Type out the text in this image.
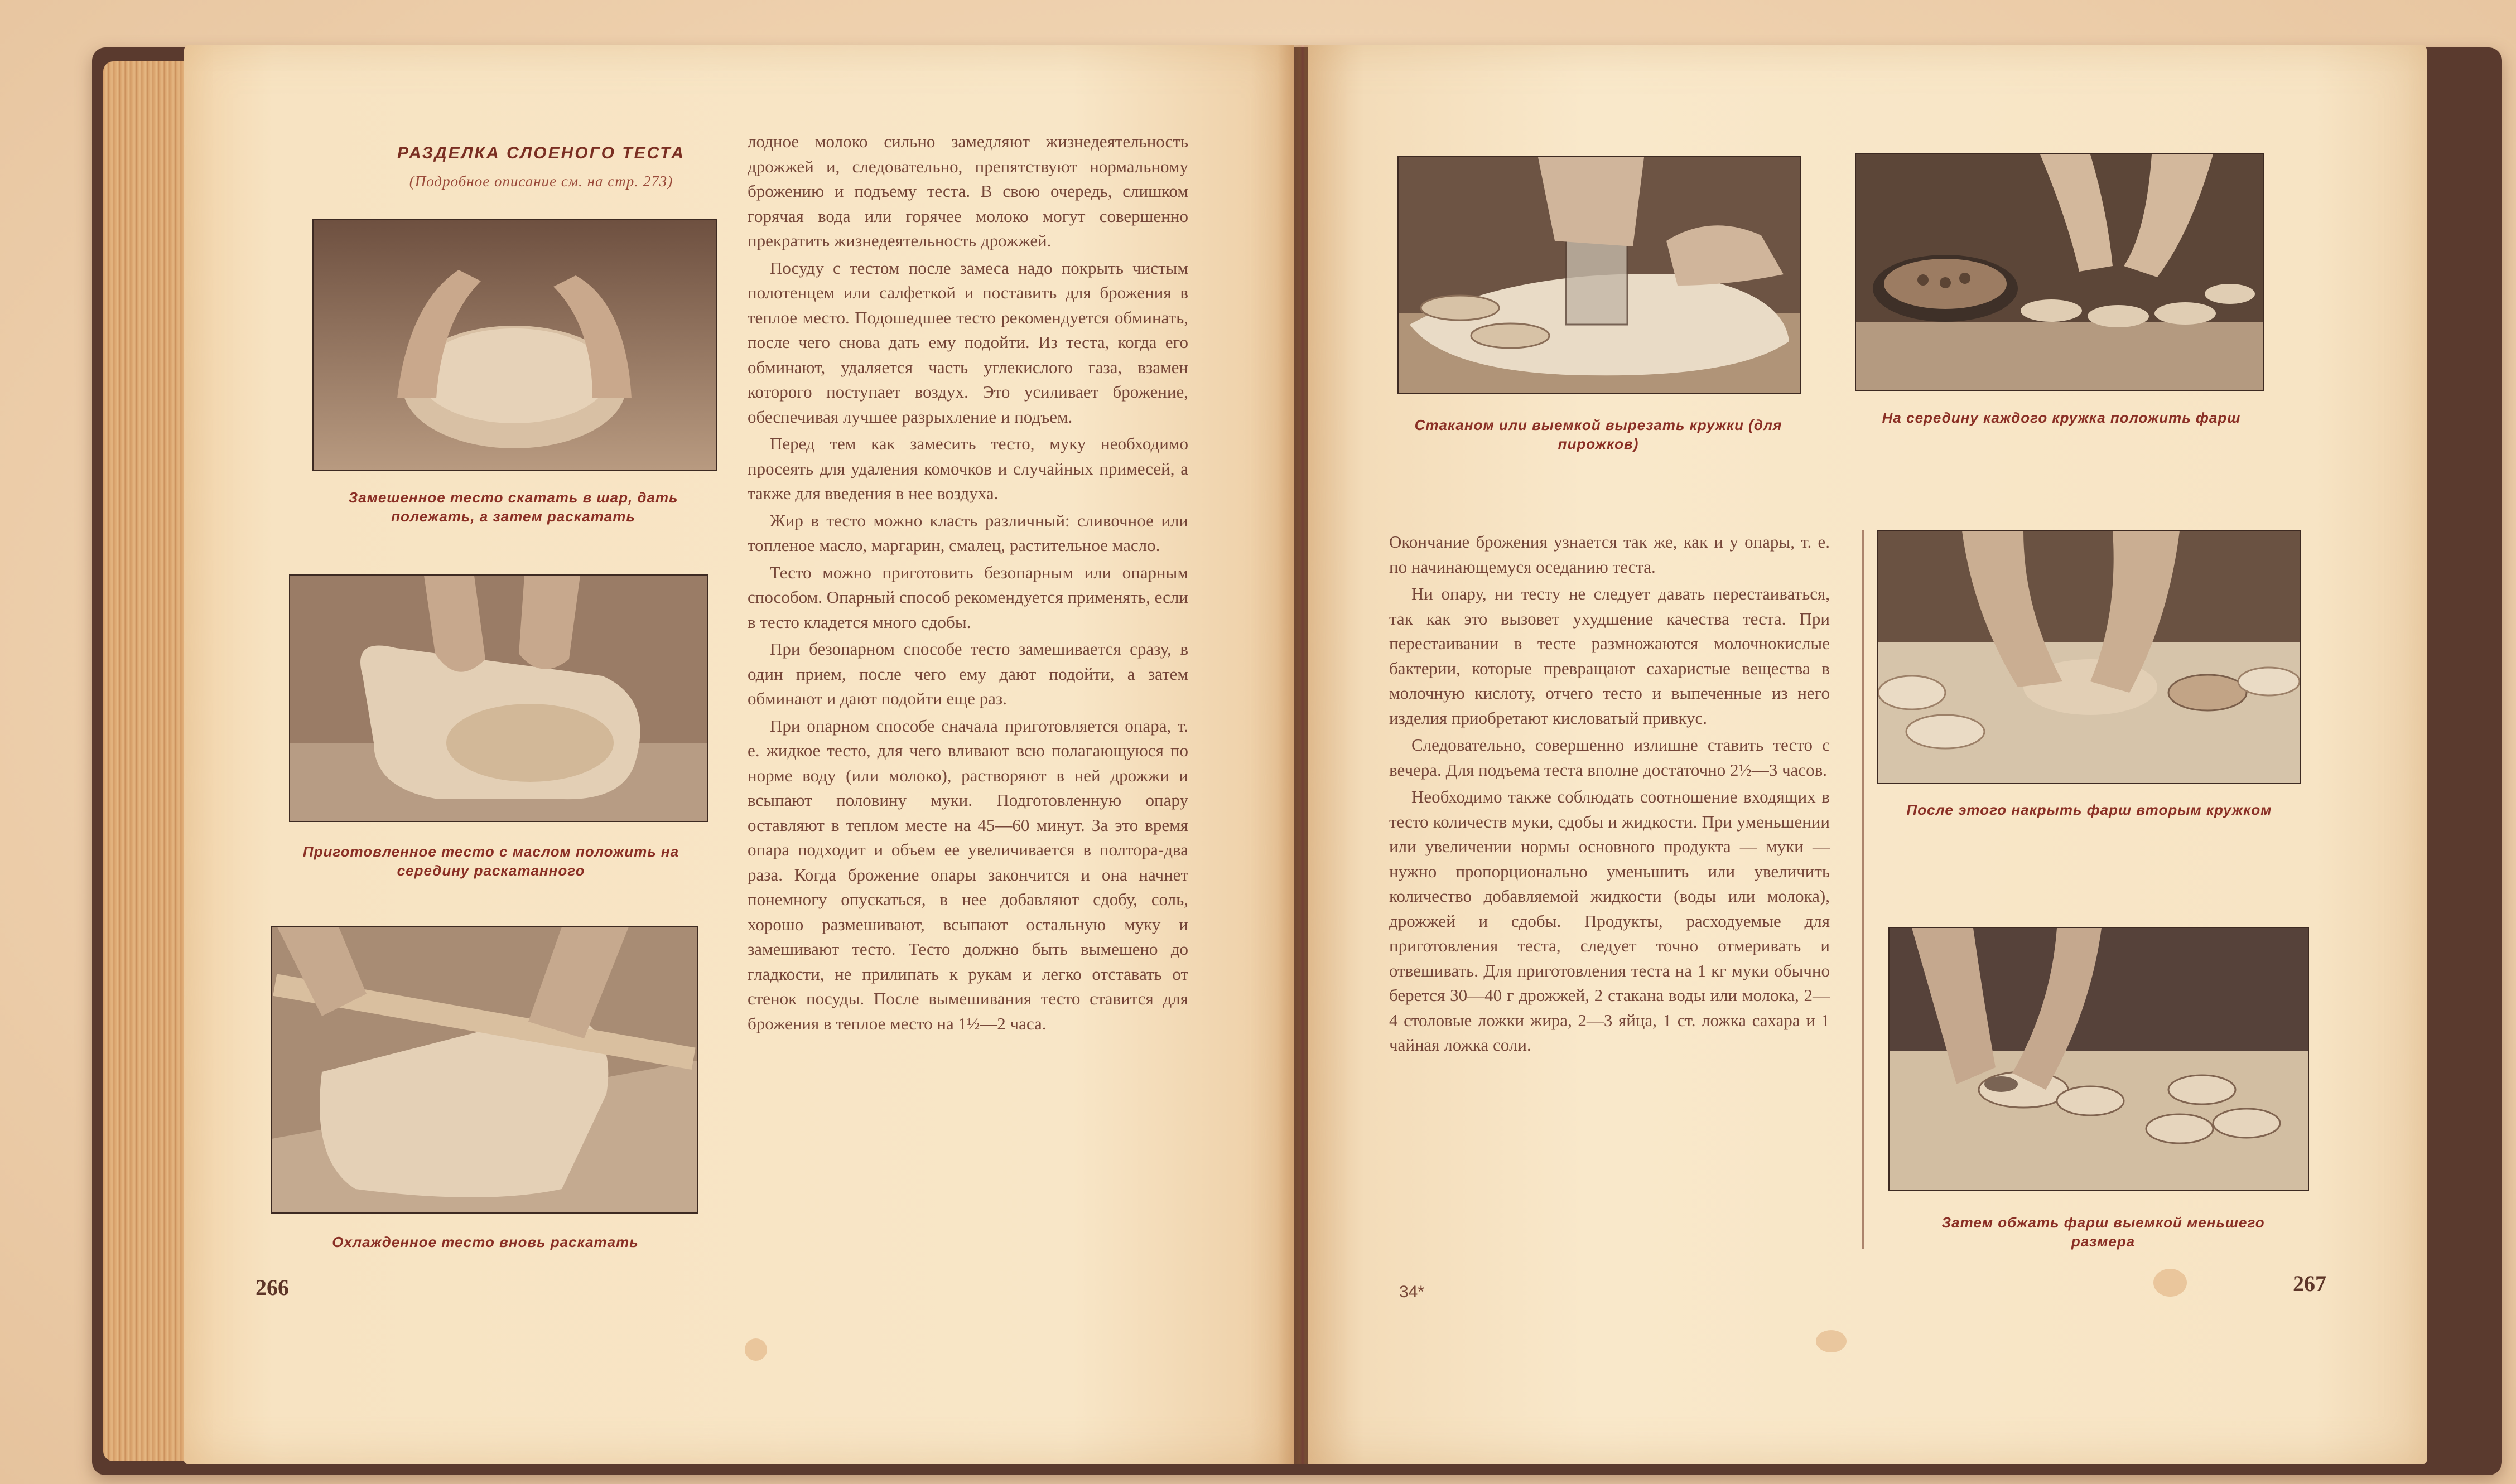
РАЗДЕЛКА СЛОЕНОГО ТЕСТА
(Подробное описание см. на стр. 273)
Замешенное тесто скатать в шар, дать полежать, а затем раскатать
Приготовленное тесто с маслом положить на середину раскатанного
Охлажденное тесто вновь раскатать

лодное молоко сильно замедляют жизнедеятельность дрожжей и, следовательно, препятствуют нормальному брожению и подъему теста. В свою очередь, слишком горячая вода или горячее молоко могут совершенно прекратить жизнедеятельность дрожжей.

Посуду с тестом после замеса надо покрыть чистым полотенцем или салфеткой и поставить для брожения в теплое место. Подошедшее тесто рекомендуется обминать, после чего снова дать ему подойти. Из теста, когда его обминают, удаляется часть углекислого газа, взамен которого поступает воздух. Это усиливает брожение, обеспечивая лучшее разрыхление и подъем.

Перед тем как замесить тесто, муку необходимо просеять для удаления комочков и случайных примесей, а также для введения в нее воздуха.

Жир в тесто можно класть различный: сливочное или топленое масло, маргарин, смалец, растительное масло.

Тесто можно приготовить безопарным или опарным способом. Опарный способ рекомендуется применять, если в тесто кладется много сдобы.

При безопарном способе тесто замешивается сразу, в один прием, после чего ему дают подойти, а затем обминают и дают подойти еще раз.

При опарном способе сначала приготовляется опара, т. е. жидкое тесто, для чего вливают всю полагающуюся по норме воду (или молоко), растворяют в ней дрожжи и всыпают половину муки. Подготовленную опару оставляют в теплом месте на 45—60 минут. За это время опара подходит и объем ее увеличивается в полтора-два раза. Когда брожение опары закончится и она начнет понемногу опускаться, в нее добавляют сдобу, соль, хорошо размешивают, всыпают остальную муку и замешивают тесто. Тесто должно быть вымешено до гладкости, не прилипать к рукам и легко отставать от стенок посуды. После вымешивания тесто ставится для брожения в теплое место на 1½—2 часа.

266
Стаканом или выемкой вырезать кружки (для пирожков)
На середину каждого кружка положить фарш

Окончание брожения узнается так же, как и у опары, т. е. по начинающемуся оседанию теста.

Ни опару, ни тесту не следует давать перестаиваться, так как это вызовет ухудшение качества теста. При перестаивании в тесте размножаются молочнокислые бактерии, которые превращают сахаристые вещества в молочную кислоту, отчего тесто и выпеченные из него изделия приобретают кисловатый привкус.

Следовательно, совершенно излишне ставить тесто с вечера. Для подъема теста вполне достаточно 2½—3 часов.

Необходимо также соблюдать соотношение входящих в тесто количеств муки, сдобы и жидкости. При уменьшении или увеличении нормы основного продукта — муки — нужно пропорционально уменьшить или увеличить количество добавляемой жидкости (воды или молока), дрожжей и сдобы. Продукты, расходуемые для приготовления теста, следует точно отмеривать и отвешивать. Для приготовления теста на 1 кг муки обычно берется 30—40 г дрожжей, 2 стакана воды или молока, 2—4 столовые ложки жира, 2—3 яйца, 1 ст. ложка сахара и 1 чайная ложка соли.

После этого накрыть фарш вторым кружком
Затем обжать фарш выемкой меньшего размера
34*	267
